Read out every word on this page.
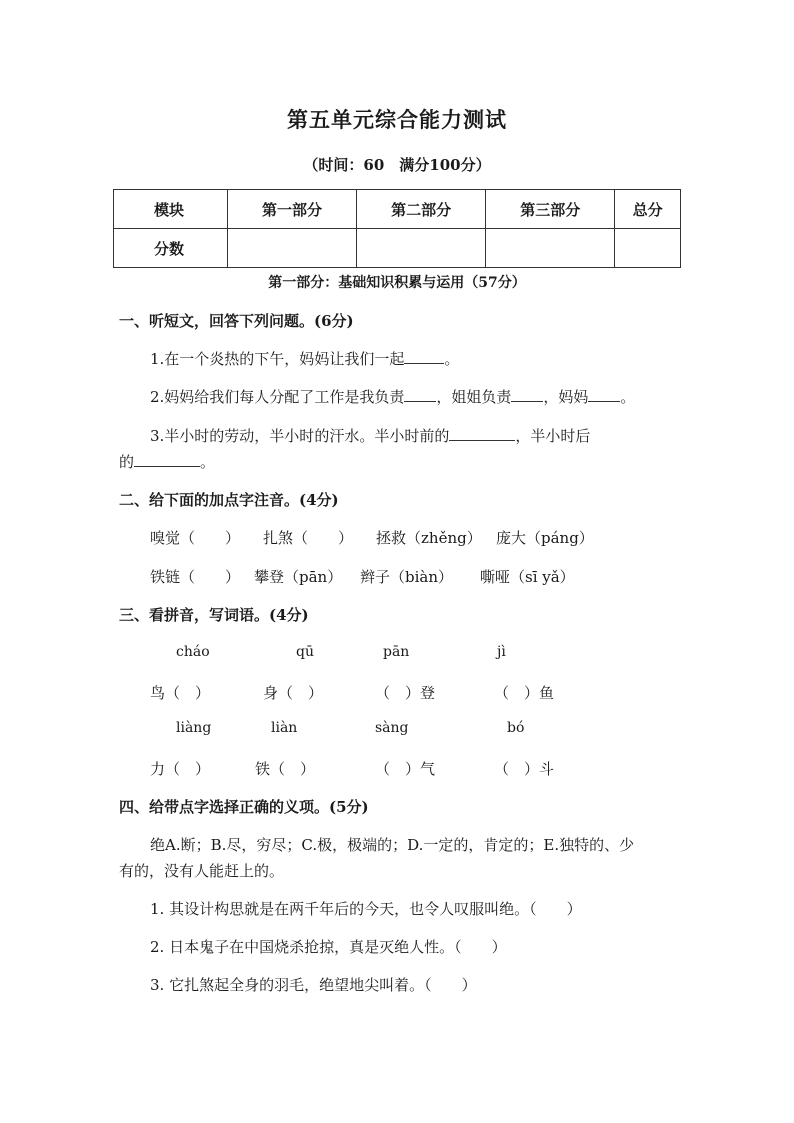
第五单元综合能力测试
（时间：60　满分100分）
模块	第一部分	第二部分	第三部分	总分
分数				
第一部分：基础知识积累与运用（57分）
一、听短文，回答下列问题。(6分)
1.在一个炎热的下午，妈妈让我们一起	。
2.妈妈给我们每人分配了工作是我负责 ，姐姐负责 ，妈妈 。
3.半小时的劳动，半小时的汗水。半小时前的	，半小时后
的	。
二、给下面的加点字注音。(4分)
嗅觉（　　） 扎煞（　　） 拯救（zhěng） 庞大（páng）
铁链（　　） 攀登（pān） 辫子（biàn） 嘶哑（sī yǎ）
三、看拼音，写词语。(4分)
cháo	qū	pān	jì
鸟（　）	身（　）	（　）登	（　）鱼
liàng	liàn	sàng	bó
力（　）	铁（　）	（　）气	（　）斗
四、给带点字选择正确的义项。(5分)
绝A.断；B.尽，穷尽；C.极，极端的；D.一定的，肯定的；E.独特的、少
有的，没有人能赶上的。
1. 其设计构思就是在两千年后的今天，也令人叹服叫绝。（　　）
2. 日本鬼子在中国烧杀抢掠，真是灭绝人性。（　　）
3. 它扎煞起全身的羽毛，绝望地尖叫着。（　　）
